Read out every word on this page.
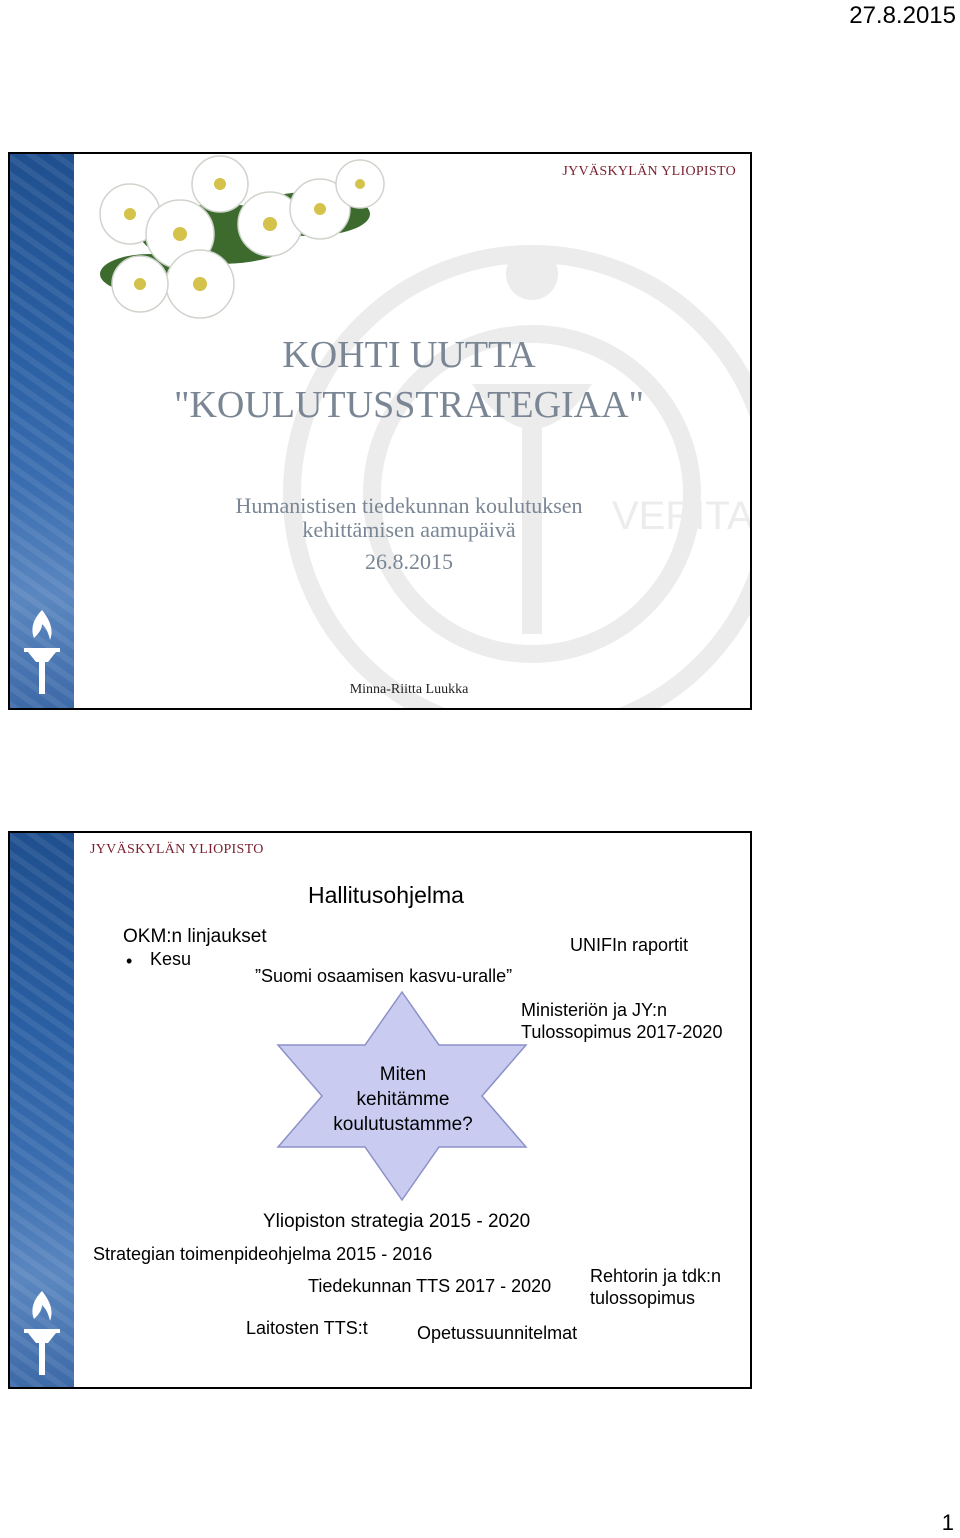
27.8.2015
VERITAS
JYVÄSKYLÄN YLIOPISTO
KOHTI UUTTA
"KOULUTUSSTRATEGIAA"
Humanistisen tiedekunnan koulutuksen
kehittämisen aamupäivä
26.8.2015
Minna-Riitta Luukka
JYVÄSKYLÄN YLIOPISTO
Miten
kehitämme
koulutustamme?
Hallitusohjelma
OKM:n linjaukset
• Kesu
”Suomi osaamisen kasvu-uralle”
UNIFIn raportit
Ministeriön ja JY:n
Tulossopimus 2017-2020
Yliopiston strategia 2015 - 2020
Strategian toimenpideohjelma 2015 - 2016
Tiedekunnan TTS 2017 - 2020 Rehtorin ja tdk:n
tulossopimus
Laitosten TTS:t	Opetussuunnitelmat
1
